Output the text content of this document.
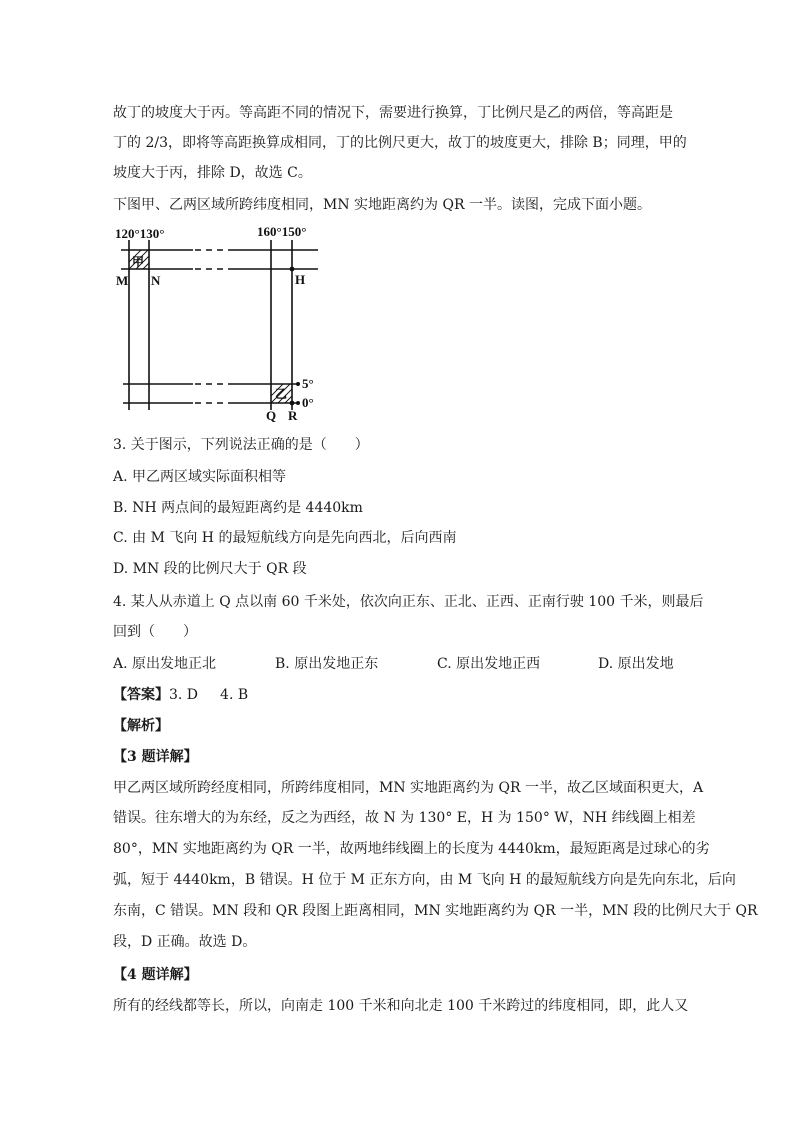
故丁的坡度大于丙。等高距不同的情况下，需要进行换算，丁比例尺是乙的两倍，等高距是
丁的 2/3，即将等高距换算成相同，丁的比例尺更大，故丁的坡度更大，排除 B；同理，甲的
坡度大于丙，排除 D，故选 C。
下图甲、乙两区域所跨纬度相同，MN 实地距离约为 QR 一半。读图，完成下面小题。
120°130°	160°150°
甲
乙
M N	H
5°
0°
Q R
3. 关于图示，下列说法正确的是（　　）
A. 甲乙两区域实际面积相等
B. NH 两点间的最短距离约是 4440km
C. 由 M 飞向 H 的最短航线方向是先向西北，后向西南
D. MN 段的比例尺大于 QR 段
4. 某人从赤道上 Q 点以南 60 千米处，依次向正东、正北、正西、正南行驶 100 千米，则最后
回到（　　）
A. 原出发地正北	B. 原出发地正东	C. 原出发地正西	D. 原出发地
【答案】3. D 4. B
【解析】
【3 题详解】
甲乙两区域所跨经度相同，所跨纬度相同，MN 实地距离约为 QR 一半，故乙区域面积更大，A
错误。往东增大的为东经，反之为西经，故 N 为 130° E，H 为 150° W，NH 纬线圈上相差
80°，MN 实地距离约为 QR 一半，故两地纬线圈上的长度为 4440km，最短距离是过球心的劣
弧，短于 4440km，B 错误。H 位于 M 正东方向，由 M 飞向 H 的最短航线方向是先向东北，后向
东南，C 错误。MN 段和 QR 段图上距离相同，MN 实地距离约为 QR 一半，MN 段的比例尺大于 QR
段，D 正确。故选 D。
【4 题详解】
所有的经线都等长，所以，向南走 100 千米和向北走 100 千米跨过的纬度相同，即，此人又
